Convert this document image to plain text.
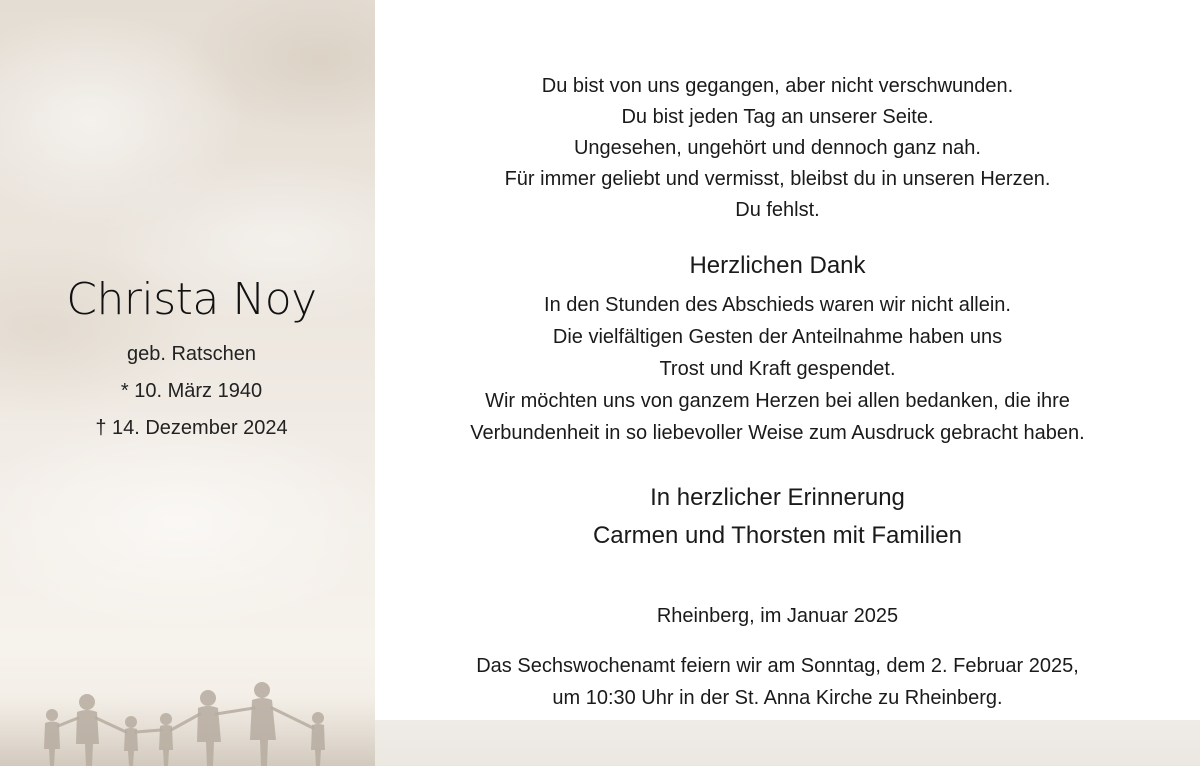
Christa Noy

geb. Ratschen

* 10. März 1940

† 14. Dezember 2024

Du bist von uns gegangen, aber nicht verschwunden.

Du bist jeden Tag an unserer Seite.

Ungesehen, ungehört und dennoch ganz nah.

Für immer geliebt und vermisst, bleibst du in unseren Herzen.

Du fehlst.

Herzlichen Dank

In den Stunden des Abschieds waren wir nicht allein.

Die vielfältigen Gesten der Anteilnahme haben uns

Trost und Kraft gespendet.

Wir möchten uns von ganzem Herzen bei allen bedanken, die ihre

Verbundenheit in so liebevoller Weise zum Ausdruck gebracht haben.

In herzlicher Erinnerung

Carmen und Thorsten mit Familien

Rheinberg, im Januar 2025

Das Sechswochenamt feiern wir am Sonntag, dem 2. Februar 2025,

um 10:30 Uhr in der St. Anna Kirche zu Rheinberg.
